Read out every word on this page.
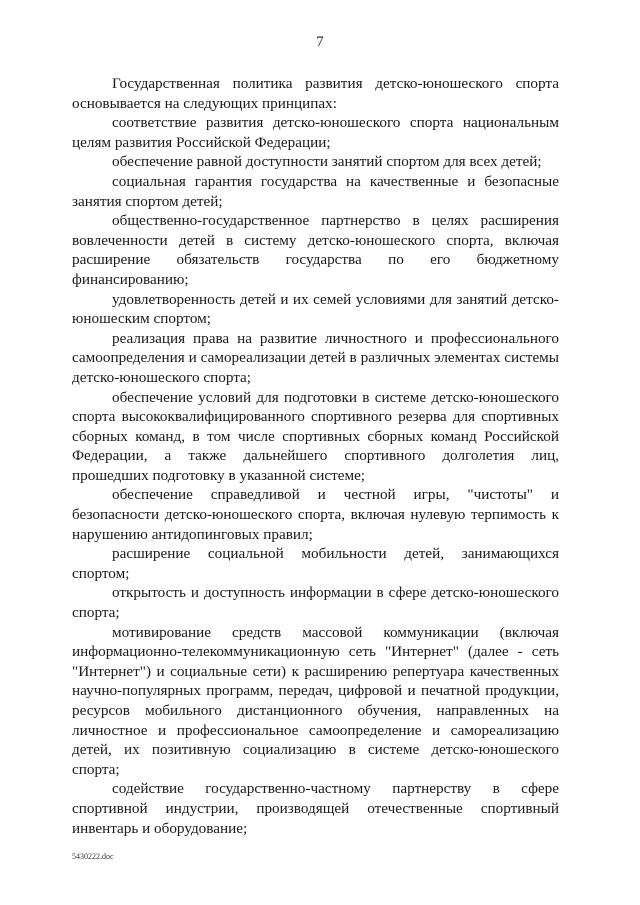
7

Государственная политика развития детско-юношеского спорта основывается на следующих принципах:

соответствие развития детско-юношеского спорта национальным целям развития Российской Федерации;

обеспечение равной доступности занятий спортом для всех детей;

социальная гарантия государства на качественные и безопасные занятия спортом детей;

общественно-государственное партнерство в целях расширения вовлеченности детей в систему детско-юношеского спорта, включая расширение обязательств государства по его бюджетному финансированию;

удовлетворенность детей и их семей условиями для занятий детско-юношеским спортом;

реализация права на развитие личностного и профессионального самоопределения и самореализации детей в различных элементах системы детско-юношеского спорта;

обеспечение условий для подготовки в системе детско-юношеского спорта высококвалифицированного спортивного резерва для спортивных сборных команд, в том числе спортивных сборных команд Российской Федерации, а также дальнейшего спортивного долголетия лиц, прошедших подготовку в указанной системе;

обеспечение справедливой и честной игры, "чистоты" и безопасности детско-юношеского спорта, включая нулевую терпимость к нарушению антидопинговых правил;

расширение социальной мобильности детей, занимающихся спортом;

открытость и доступность информации в сфере детско-юношеского спорта;

мотивирование средств массовой коммуникации (включая информационно-телекоммуникационную сеть "Интернет" (далее - сеть "Интернет") и социальные сети) к расширению репертуара качественных научно-популярных программ, передач, цифровой и печатной продукции, ресурсов мобильного дистанционного обучения, направленных на личностное и профессиональное самоопределение и самореализацию детей, их позитивную социализацию в системе детско-юношеского спорта;

содействие государственно-частному партнерству в сфере спортивной индустрии, производящей отечественные спортивный инвентарь и оборудование;

5430222.doc
